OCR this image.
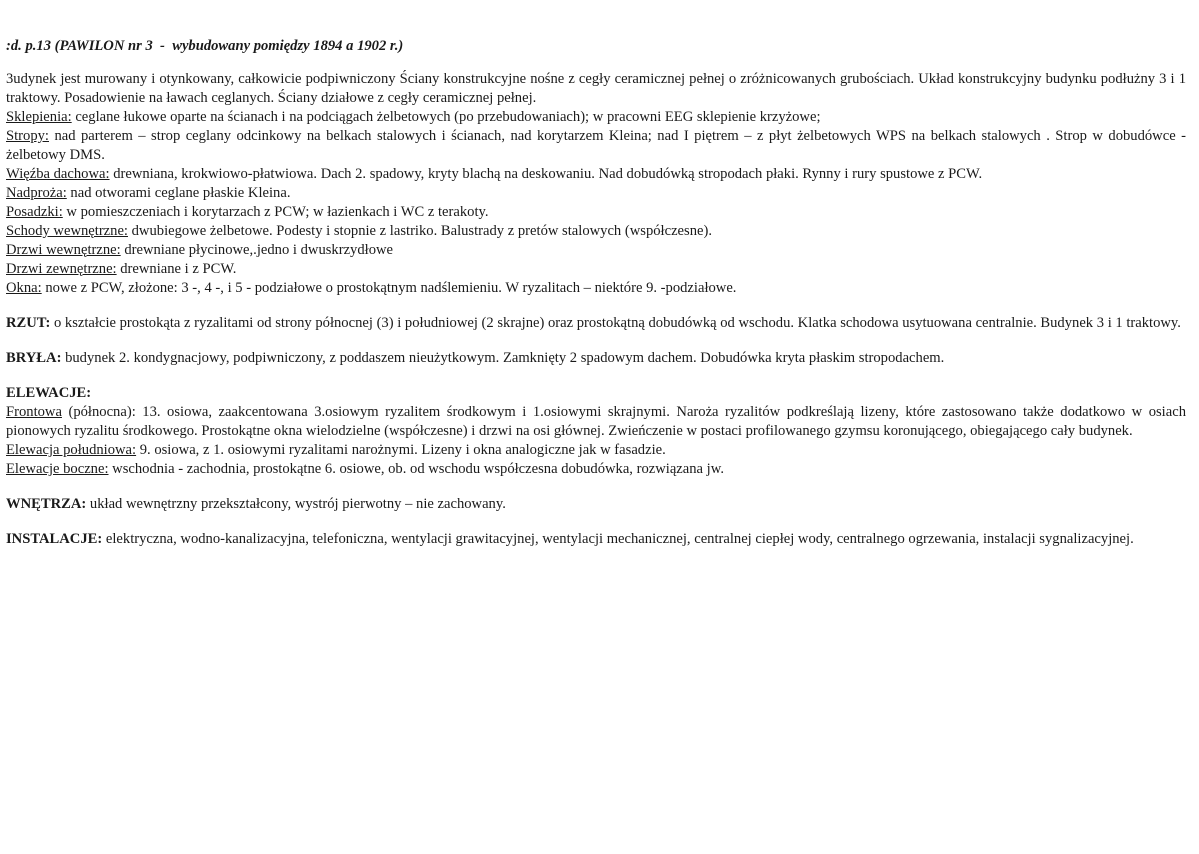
:d. p.13 (PAWILON nr 3  -  wybudowany pomiędzy 1894 a 1902 r.)

3udynek jest murowany i otynkowany, całkowicie podpiwniczony Ściany konstrukcyjne nośne z cegły ceramicznej pełnej o zróżnicowanych grubościach. Układ konstrukcyjny budynku podłużny 3 i 1 traktowy. Posadowienie na ławach ceglanych. Ściany działowe z cegły ceramicznej pełnej.

Sklepienia: ceglane łukowe oparte na ścianach i na podciągach żelbetowych (po przebudowaniach); w pracowni EEG sklepienie krzyżowe;

Stropy: nad parterem – strop ceglany odcinkowy na belkach stalowych i ścianach, nad korytarzem Kleina; nad I piętrem – z płyt żelbetowych WPS na belkach stalowych . Strop w dobudówce - żelbetowy DMS.

Więźba dachowa: drewniana, krokwiowo-płatwiowa. Dach 2. spadowy, kryty blachą na deskowaniu. Nad dobudówką stropodach płaki. Rynny i rury spustowe z PCW.

Nadproża: nad otworami ceglane płaskie Kleina.

Posadzki: w pomieszczeniach i korytarzach z PCW; w łazienkach i WC z terakoty.

Schody wewnętrzne: dwubiegowe żelbetowe. Podesty i stopnie z lastriko. Balustrady z pretów stalowych (współczesne).

Drzwi wewnętrzne: drewniane płycinowe,.jedno i dwuskrzydłowe

Drzwi zewnętrzne: drewniane i z PCW.

Okna: nowe z PCW, złożone: 3 -, 4 -, i 5 - podziałowe o prostokątnym nadślemieniu. W ryzalitach – niektóre 9. -podziałowe.

RZUT: o kształcie prostokąta z ryzalitami od strony północnej (3) i południowej (2 skrajne) oraz prostokątną dobudówką od wschodu. Klatka schodowa usytuowana centralnie. Budynek 3 i 1 traktowy.

BRYŁA: budynek 2. kondygnacjowy, podpiwniczony, z poddaszem nieużytkowym. Zamknięty 2 spadowym dachem. Dobudówka kryta płaskim stropodachem.

ELEWACJE:

Frontowa (północna): 13. osiowa, zaakcentowana 3.osiowym ryzalitem środkowym i 1.osiowymi skrajnymi. Naroża ryzalitów podkreślają lizeny, które zastosowano także dodatkowo w osiach pionowych ryzalitu środkowego. Prostokątne okna wielodzielne (współczesne) i drzwi na osi głównej. Zwieńczenie w postaci profilowanego gzymsu koronującego, obiegającego cały budynek.

Elewacja południowa: 9. osiowa, z 1. osiowymi ryzalitami narożnymi. Lizeny i okna analogiczne jak w fasadzie.

Elewacje boczne: wschodnia - zachodnia, prostokątne 6. osiowe, ob. od wschodu współczesna dobudówka, rozwiązana jw.

WNĘTRZA: układ wewnętrzny przekształcony, wystrój pierwotny – nie zachowany.

INSTALACJE: elektryczna, wodno-kanalizacyjna, telefoniczna, wentylacji grawitacyjnej, wentylacji mechanicznej, centralnej ciepłej wody, centralnego ogrzewania, instalacji sygnalizacyjnej.
